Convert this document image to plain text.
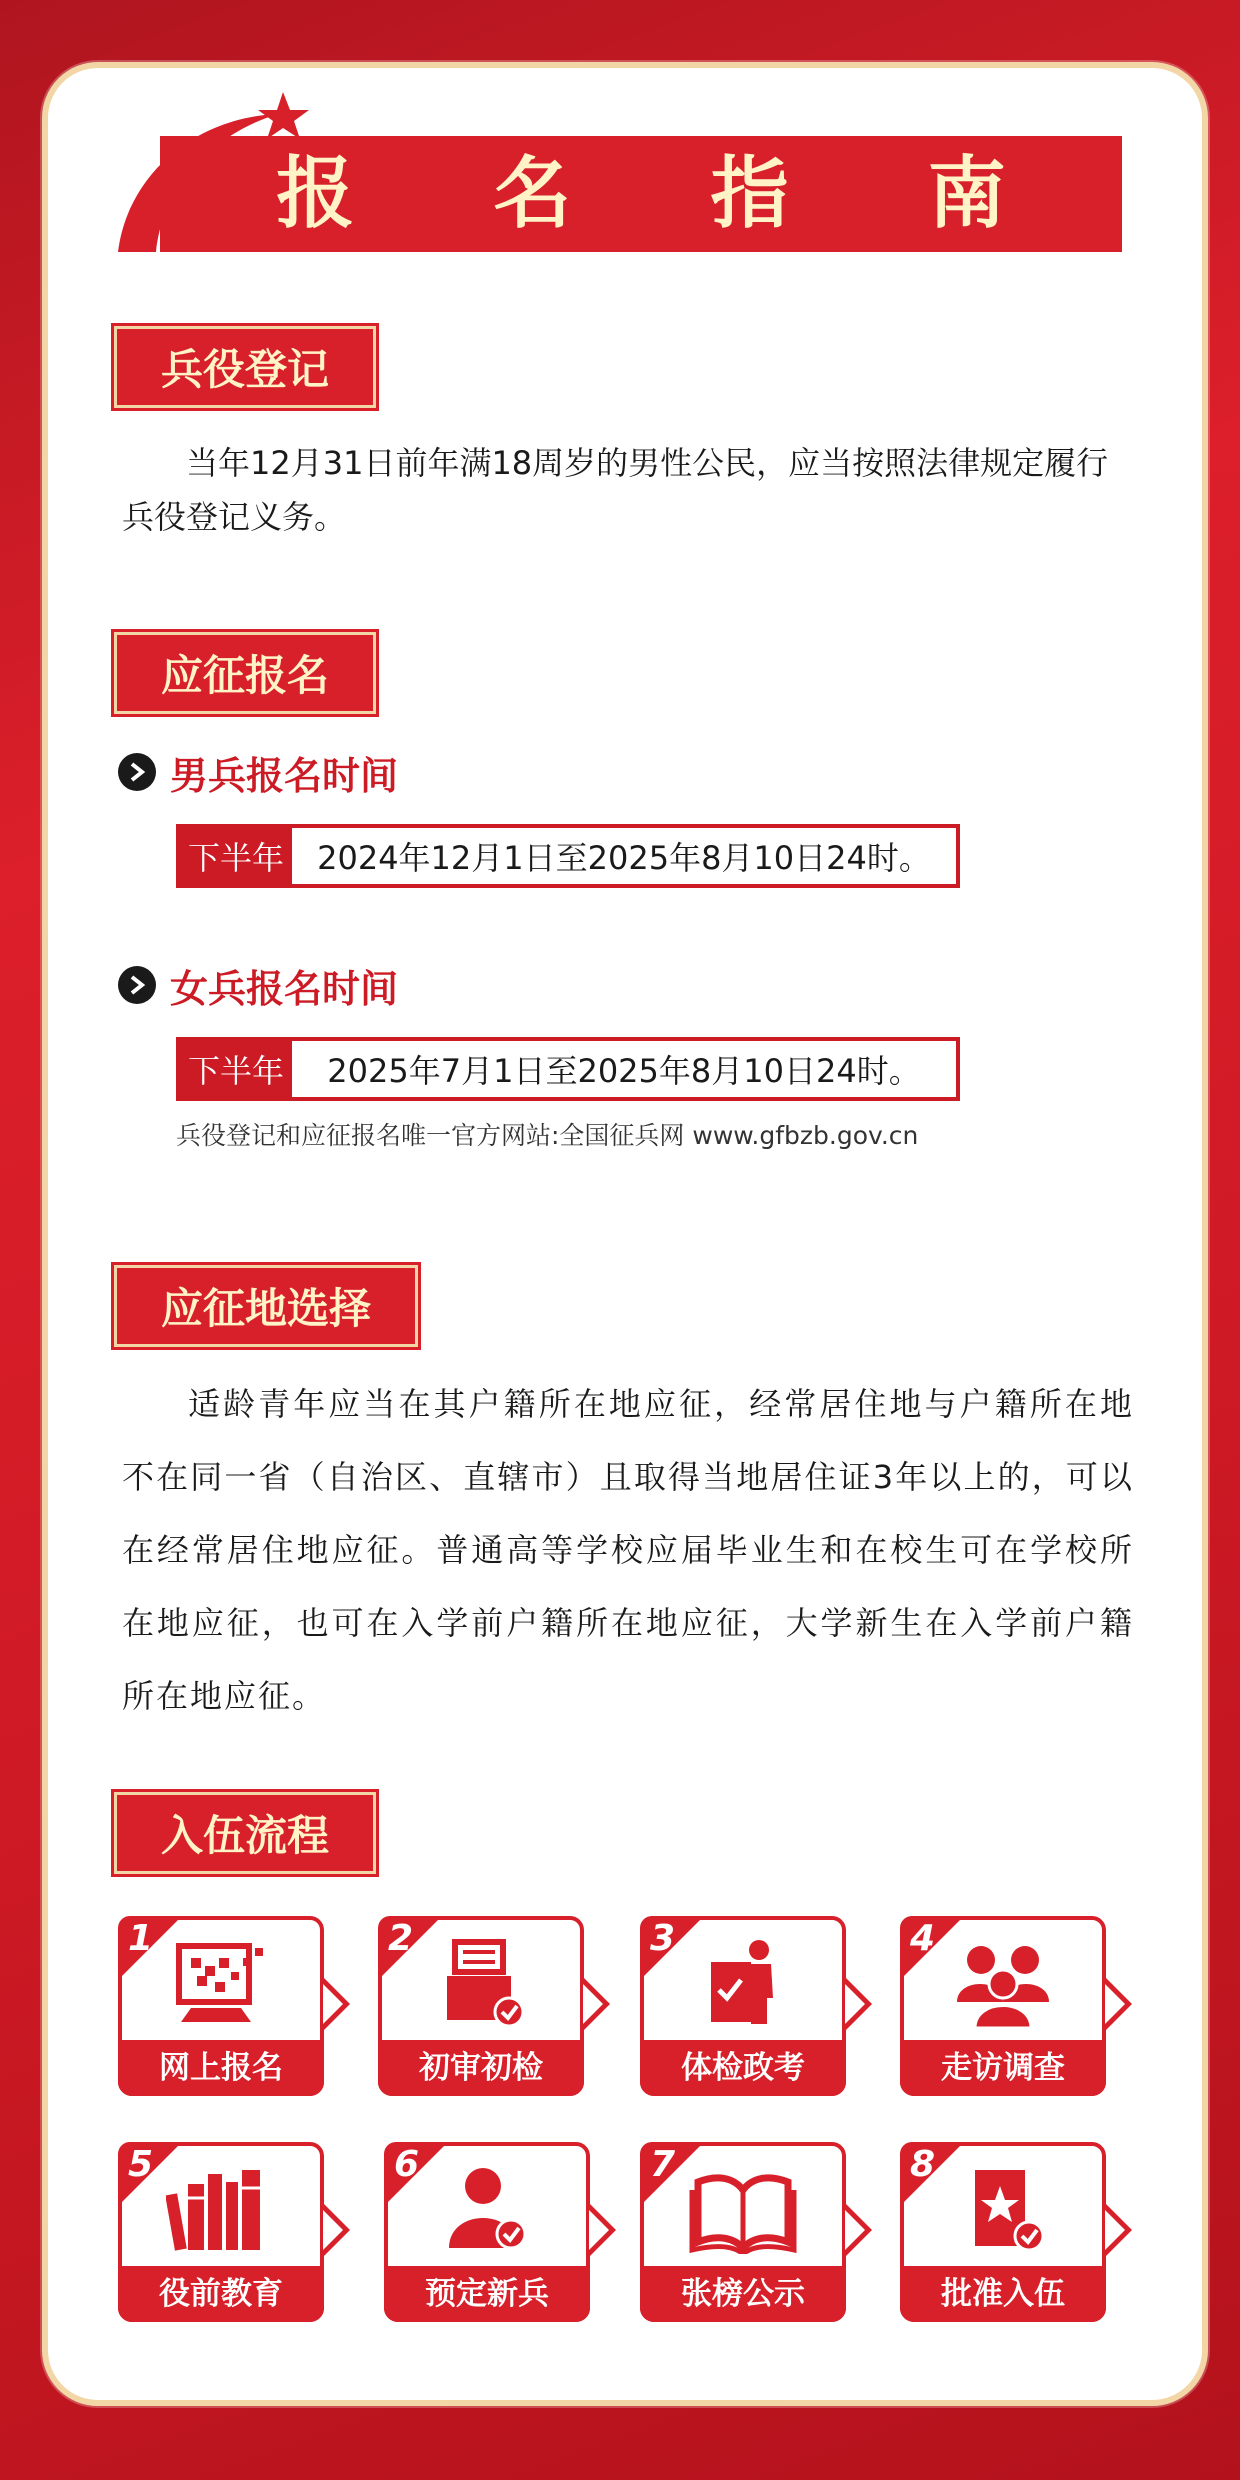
报 名 指 南
兵役登记

当年12月31日前年满18周岁的男性公民，应当按照法律规定履行兵役登记义务。

应征报名
男兵报名时间
下半年	2024年12月1日至2025年8月10日24时。
女兵报名时间
下半年	2025年7月1日至2025年8月10日24时。
兵役登记和应征报名唯一官方网站:全国征兵网 www.gfbzb.gov.cn
应征地选择

适龄青年应当在其户籍所在地应征，经常居住地与户籍所在地不在同一省（自治区、直辖市）且取得当地居住证3年以上的，可以在经常居住地应征。普通高等学校应届毕业生和在校生可在学校所在地应征，也可在入学前户籍所在地应征，大学新生在入学前户籍所在地应征。

入伍流程
1
网上报名
2
初审初检
3
体检政考
4
走访调查
5
役前教育
6
预定新兵
7
张榜公示
8
批准入伍
